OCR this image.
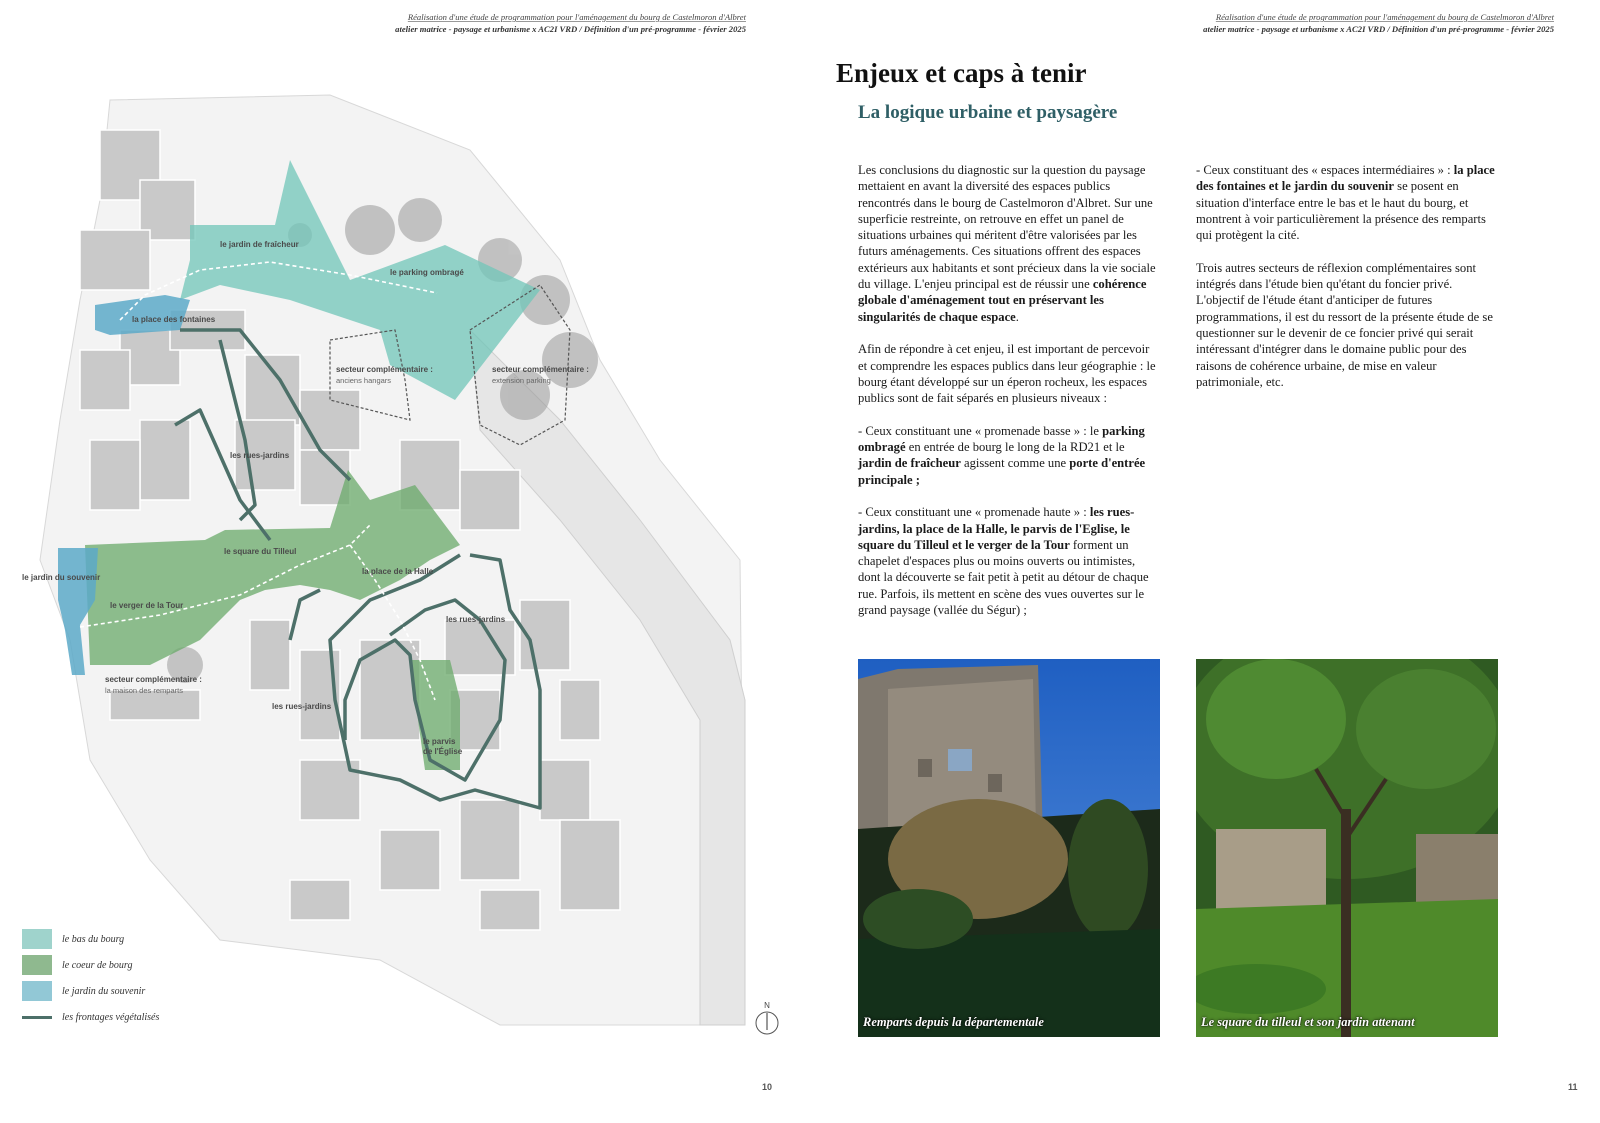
Réalisation d'une étude de programmation pour l'aménagement du bourg de Castelmoron d'Albret
atelier matrice - paysage et urbanisme x AC2I VRD / Définition d'un pré-programme - février 2025
Réalisation d'une étude de programmation pour l'aménagement du bourg de Castelmoron d'Albret
atelier matrice - paysage et urbanisme x AC2I VRD / Définition d'un pré-programme - février 2025
le jardin de fraîcheur
le parking ombragé
la place des fontaines
secteur complémentaire :
anciens hangars
secteur complémentaire :
extension parking
les rues-jardins
le square du Tilleul
la place de la Halle
le jardin du souvenir
le verger de la Tour
les rues-jardins
secteur complémentaire :
la maison des remparts
les rues-jardins
le parvis
de l'Église
le bas du bourg
le coeur de bourg
le jardin du souvenir
les frontages végétalisés
N
10
Enjeux et caps à tenir
La logique urbaine et paysagère

Les conclusions du diagnostic sur la question du paysage mettaient en avant la diversité des espaces publics rencontrés dans le bourg de Castelmoron d'Albret. Sur une superficie restreinte, on retrouve en effet un panel de situations urbaines qui méritent d'être valorisées par les futurs aménagements. Ces situations offrent des espaces extérieurs aux habitants et sont précieux dans la vie sociale du village. L'enjeu principal est de réussir une cohérence globale d'aménagement tout en préservant les singularités de chaque espace.

Afin de répondre à cet enjeu, il est important de percevoir et comprendre les espaces publics dans leur géographie : le bourg étant développé sur un éperon rocheux, les espaces publics sont de fait séparés en plusieurs niveaux :

- Ceux constituant une « promenade basse » : le parking ombragé en entrée de bourg le long de la RD21 et le jardin de fraîcheur agissent comme une porte d'entrée principale ;

- Ceux constituant une « promenade haute » : les rues-jardins, la place de la Halle, le parvis de l'Eglise, le square du Tilleul et le verger de la Tour forment un chapelet d'espaces plus ou moins ouverts ou intimistes, dont la découverte se fait petit à petit au détour de chaque rue. Parfois, ils mettent en scène des vues ouvertes sur le grand paysage (vallée du Ségur) ;

- Ceux constituant des « espaces intermédiaires » : la place des fontaines et le jardin du souvenir se posent en situation d'interface entre le bas et le haut du bourg, et montrent à voir particulièrement la présence des remparts qui protègent la cité.

Trois autres secteurs de réflexion complémentaires sont intégrés dans l'étude bien qu'étant du foncier privé. L'objectif de l'étude étant d'anticiper de futures programmations, il est du ressort de la présente étude de se questionner sur le devenir de ce foncier privé qui serait intéressant d'intégrer dans le domaine public pour des raisons de cohérence urbaine, de mise en valeur patrimoniale, etc.

Remparts depuis la départementale	Le square du tilleul et son jardin attenant
11
